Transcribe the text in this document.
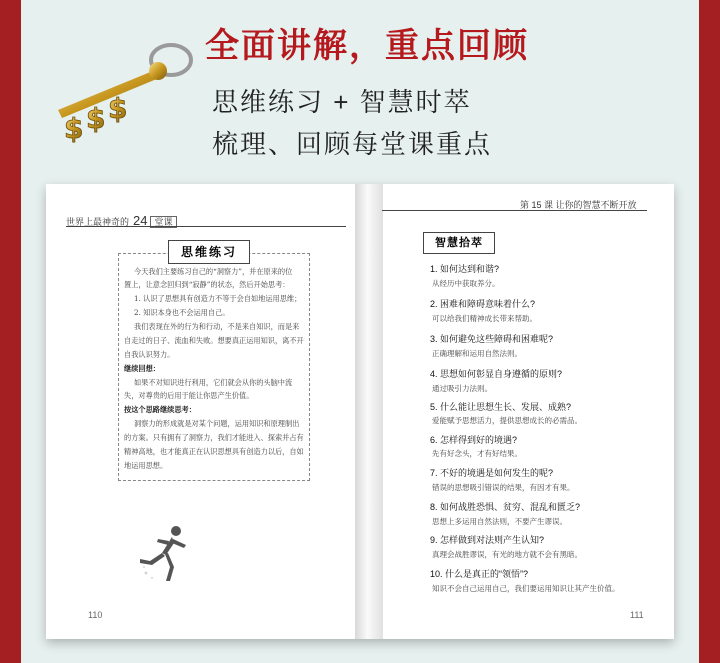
$ $ $
全面讲解，重点回顾
思维练习 + 智慧时萃
梳理、回顾每堂课重点
世界上最神奇的 24 堂课
第 15 课 让你的智慧不断开放
思维练习
今天我们主要练习自己的“洞察力”，并在原来的位
置上，让意念回归到“寂静”的状态，然后开始思考：
1. 认识了思想具有创造力不等于会自如地运用思维；
2. 知识本身也不会运用自己。
我们表现在外的行为和行动，不是来自知识，而是来
自走过的日子、流血和失败。想要真正运用知识，离不开
自我认识努力。
继续回想：
如果不对知识进行利用，它们就会从你的头脑中流
失，对尊贵的后用于能让你思产生价值。
按这个思路继续思考：
洞察力的形成就是对某个问题，运用知识和原理制出
的方案。只有拥有了洞察力，我们才能进入、探索并占有
精神高地，也才能真正在认识思想具有创造力以后，自如
地运用思想。
110	111
智慧拾萃
1. 如何达到和谐?
从经历中获取养分。
2. 困难和障碍意味着什么?
可以给我们精神成长带来帮助。
3. 如何避免这些障碍和困难呢?
正确理解和运用自然法则。
4. 思想如何彰显自身遵循的原则?
通过吸引力法则。
5. 什么能让思想生长、发展、成熟?
爱能赋予思想活力，提供思想成长的必需品。
6. 怎样得到好的境遇?
先有好念头，才有好结果。
7. 不好的境遇是如何发生的呢?
错误的思想吸引错误的结果，有因才有果。
8. 如何战胜恐惧、贫穷、混乱和匮乏?
思想上多运用自然法则，不要产生谬误。
9. 怎样做到对法则产生认知?
真理会战胜谬误，有光的地方就不会有黑暗。
10. 什么是真正的“领悟”?
知识不会自己运用自己，我们要运用知识让其产生价值。
